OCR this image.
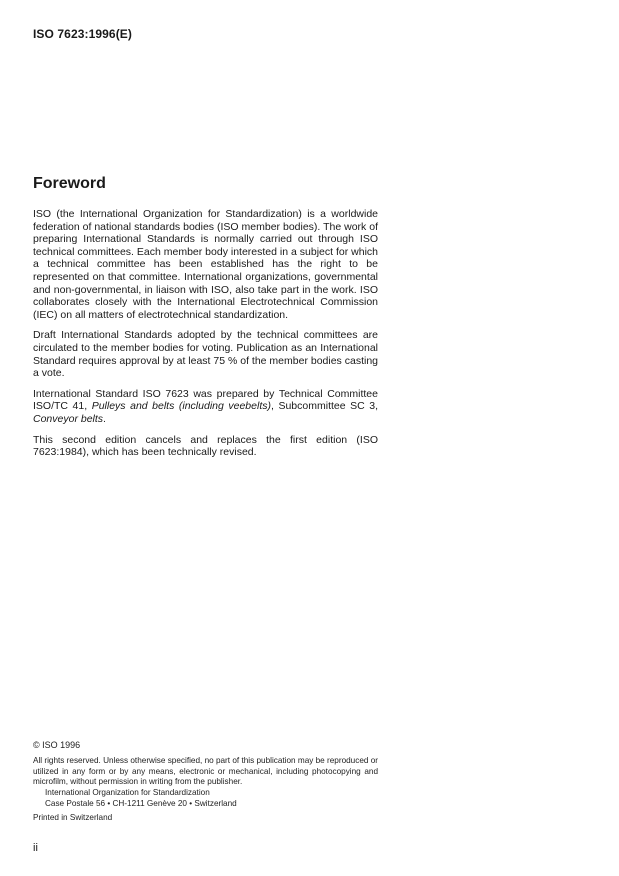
ISO 7623:1996(E)
Foreword

ISO (the International Organization for Standardization) is a worldwide federation of national standards bodies (ISO member bodies). The work of preparing International Standards is normally carried out through ISO technical committees. Each member body interested in a subject for which a technical committee has been established has the right to be represented on that committee. International organizations, governmental and non-governmental, in liaison with ISO, also take part in the work. ISO collaborates closely with the International Electrotechnical Commission (IEC) on all matters of electrotechnical standardization.

Draft International Standards adopted by the technical committees are circulated to the member bodies for voting. Publication as an International Standard requires approval by at least 75 % of the member bodies casting a vote.

International Standard ISO 7623 was prepared by Technical Committee ISO/TC 41, Pulleys and belts (including veebelts), Subcommittee SC 3, Conveyor belts.

This second edition cancels and replaces the first edition (ISO 7623:1984), which has been technically revised.

© ISO 1996
All rights reserved. Unless otherwise specified, no part of this publication may be reproduced or utilized in any form or by any means, electronic or mechanical, including photocopying and microfilm, without permission in writing from the publisher.
International Organization for Standardization
Case Postale 56 • CH-1211 Genève 20 • Switzerland
Printed in Switzerland
ii
